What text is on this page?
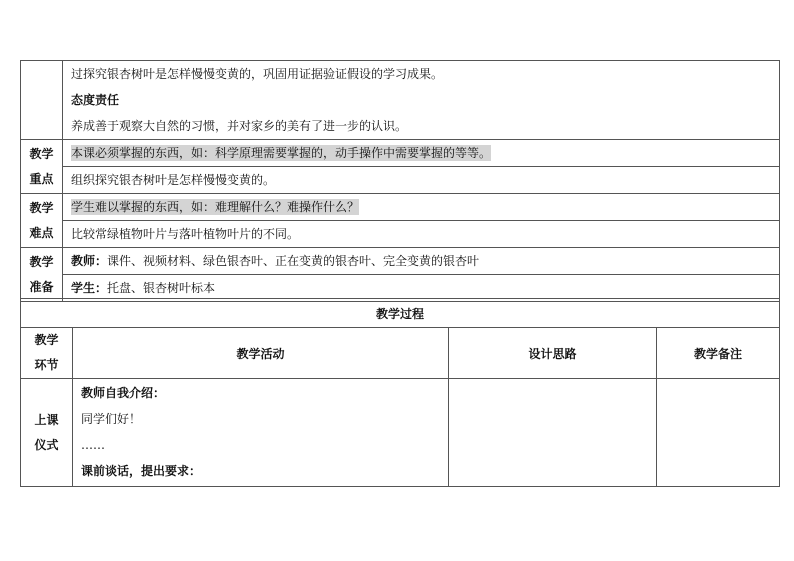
	过探究银杏树叶是怎样慢慢变黄的，巩固用证据验证假设的学习成果。
态度责任
养成善于观察大自然的习惯，并对家乡的美有了进一步的认识。

教学
重点	本课必须掌握的东西，如：科学原理需要掌握的，动手操作中需要掌握的等等。
	组织探究银杏树叶是怎样慢慢变黄的。

教学
难点	学生难以掌握的东西，如：难理解什么？难操作什么？
	比较常绿植物叶片与落叶植物叶片的不同。

教学
准备	教师：课件、视频材料、绿色银杏叶、正在变黄的银杏叶、完全变黄的银杏叶
	学生：托盘、银杏树叶标本
教学过程			

教学
环节	教学活动	设计思路	教学备注

上课
仪式	教师自我介绍：
同学们好！
……
课前谈话，提出要求：		
